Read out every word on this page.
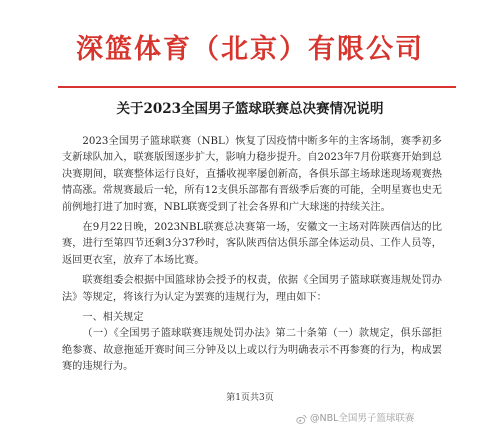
深篮体育（北京）有限公司
关于2023全国男子篮球联赛总决赛情况说明

2023全国男子篮球联赛（NBL）恢复了因疫情中断多年的主客场制，赛季初多支新球队加入，联赛版图逐步扩大，影响力稳步提升。自2023年7月份联赛开始到总决赛期间，联赛整体运行良好，直播收视率屡创新高，各俱乐部主场球迷现场观赛热情高涨。常规赛最后一轮，所有12支俱乐部都有晋级季后赛的可能，全明星赛也史无前例地打进了加时赛，NBL联赛受到了社会各界和广大球迷的持续关注。

在9月22日晚，2023NBL联赛总决赛第一场，安徽文一主场对阵陕西信达的比赛，进行至第四节还剩3分37秒时，客队陕西信达俱乐部全体运动员、工作人员等，返回更衣室，放弃了本场比赛。

联赛组委会根据中国篮球协会授予的权责，依据《全国男子篮球联赛违规处罚办法》等规定，将该行为认定为罢赛的违规行为，理由如下：

一、相关规定

（一）《全国男子篮球联赛违规处罚办法》第二十条第（一）款规定，俱乐部拒绝参赛、故意拖延开赛时间三分钟及以上或以行为明确表示不再参赛的行为，构成罢赛的违规行为。

第1页共3页
@NBL全国男子篮球联赛
